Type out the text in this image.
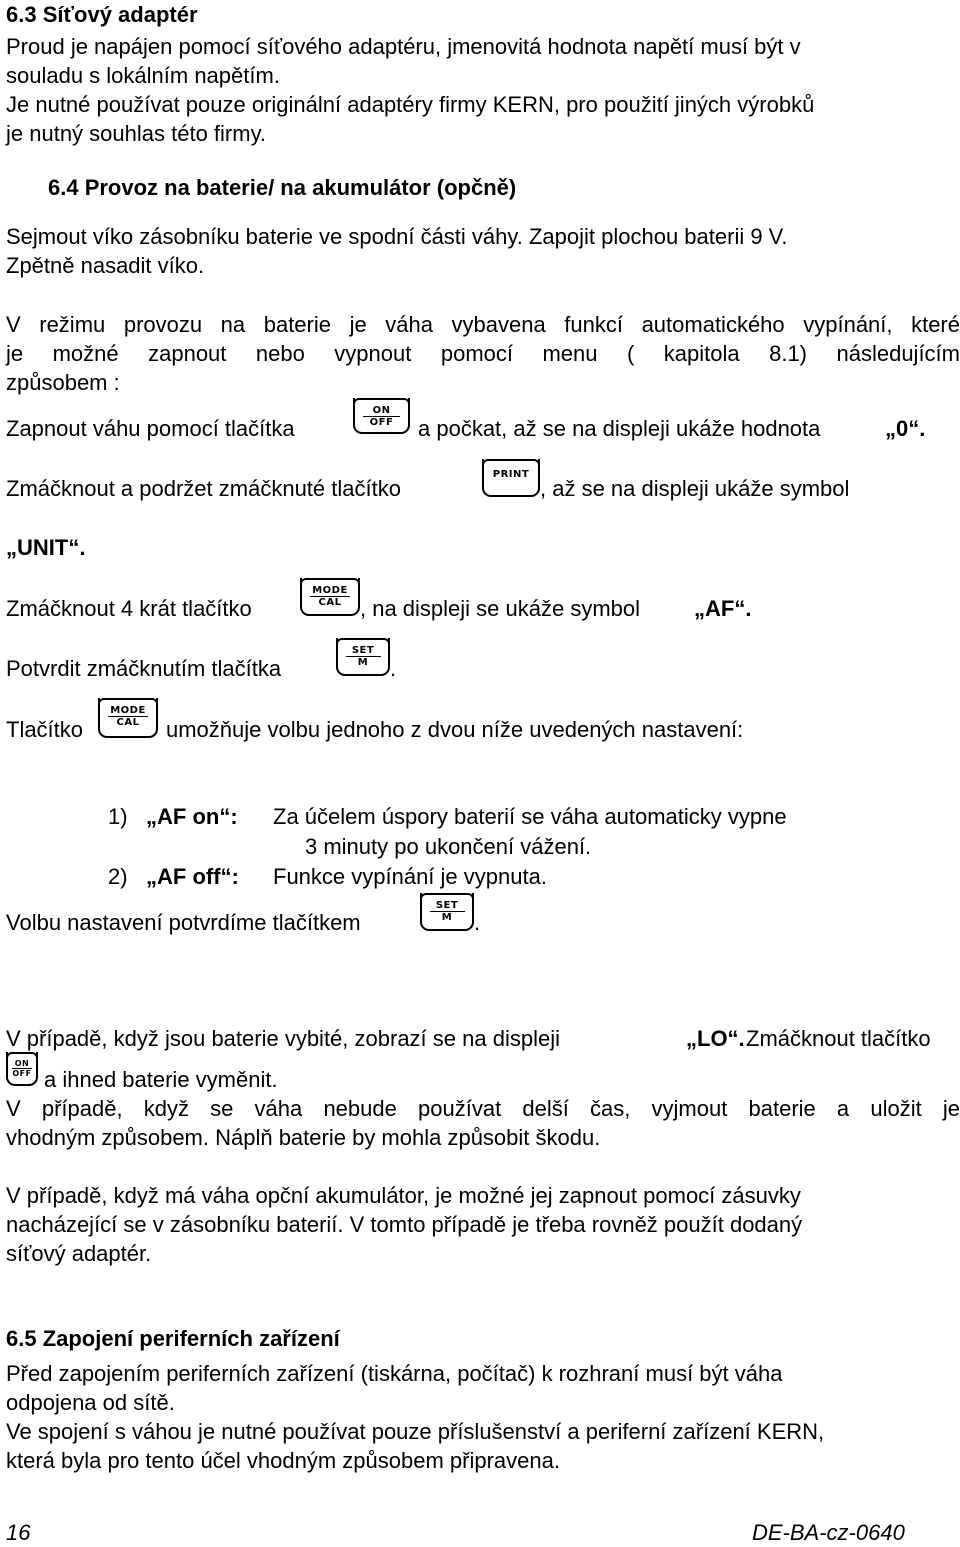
6.3 Síťový adaptér
Proud je napájen pomocí síťového adaptéru, jmenovitá hodnota napětí musí být v
souladu s lokálním napětím.
Je nutné používat pouze originální adaptéry firmy KERN, pro použití jiných výrobků
je nutný souhlas této firmy.
6.4 Provoz na baterie/ na akumulátor (opčně)
Sejmout víko zásobníku baterie ve spodní části váhy. Zapojit plochou baterii 9 V.
Zpětně nasadit víko.
V režimu provozu na baterie je váha vybavena funkcí automatického vypínání, které
je možné zapnout nebo vypnout pomocí menu ( kapitola 8.1) následujícím
způsobem :
Zapnout váhu pomocí tlačítka
ON
OFF	a počkat, až se na displeji ukáže hodnota	„0“.
Zmáčknout a podržet zmáčknuté tlačítko
PRINT
, až se na displeji ukáže symbol
„UNIT“.
Zmáčknout 4 krát tlačítko
MODE
CAL , na displeji se ukáže symbol „AF“.
Potvrdit zmáčknutím tlačítka
SET
M .
Tlačítko
MODE
CAL	umožňuje volbu jednoho z dvou níže uvedených nastavení:
1) „AF on“: Za účelem úspory baterií se váha automaticky vypne
3 minuty po ukončení vážení.
2) „AF off“: Funkce vypínání je vypnuta.
Volbu nastavení potvrdíme tlačítkem
SET
M .
V případě, když jsou baterie vybité, zobrazí se na displeji	„LO“. Zmáčknout tlačítko
ON
OFF a ihned baterie vyměnit.
V případě, když se váha nebude používat delší čas, vyjmout baterie a uložit je
vhodným způsobem. Náplň baterie by mohla způsobit škodu.
V případě, když má váha opční akumulátor, je možné jej zapnout pomocí zásuvky
nacházející se v zásobníku baterií. V tomto případě je třeba rovněž použít dodaný
síťový adaptér.
6.5 Zapojení periferních zařízení
Před zapojením periferních zařízení (tiskárna, počítač) k rozhraní musí být váha
odpojena od sítě.
Ve spojení s váhou je nutné používat pouze příslušenství a periferní zařízení KERN,
která byla pro tento účel vhodným způsobem připravena.
16	DE-BA-cz-0640
